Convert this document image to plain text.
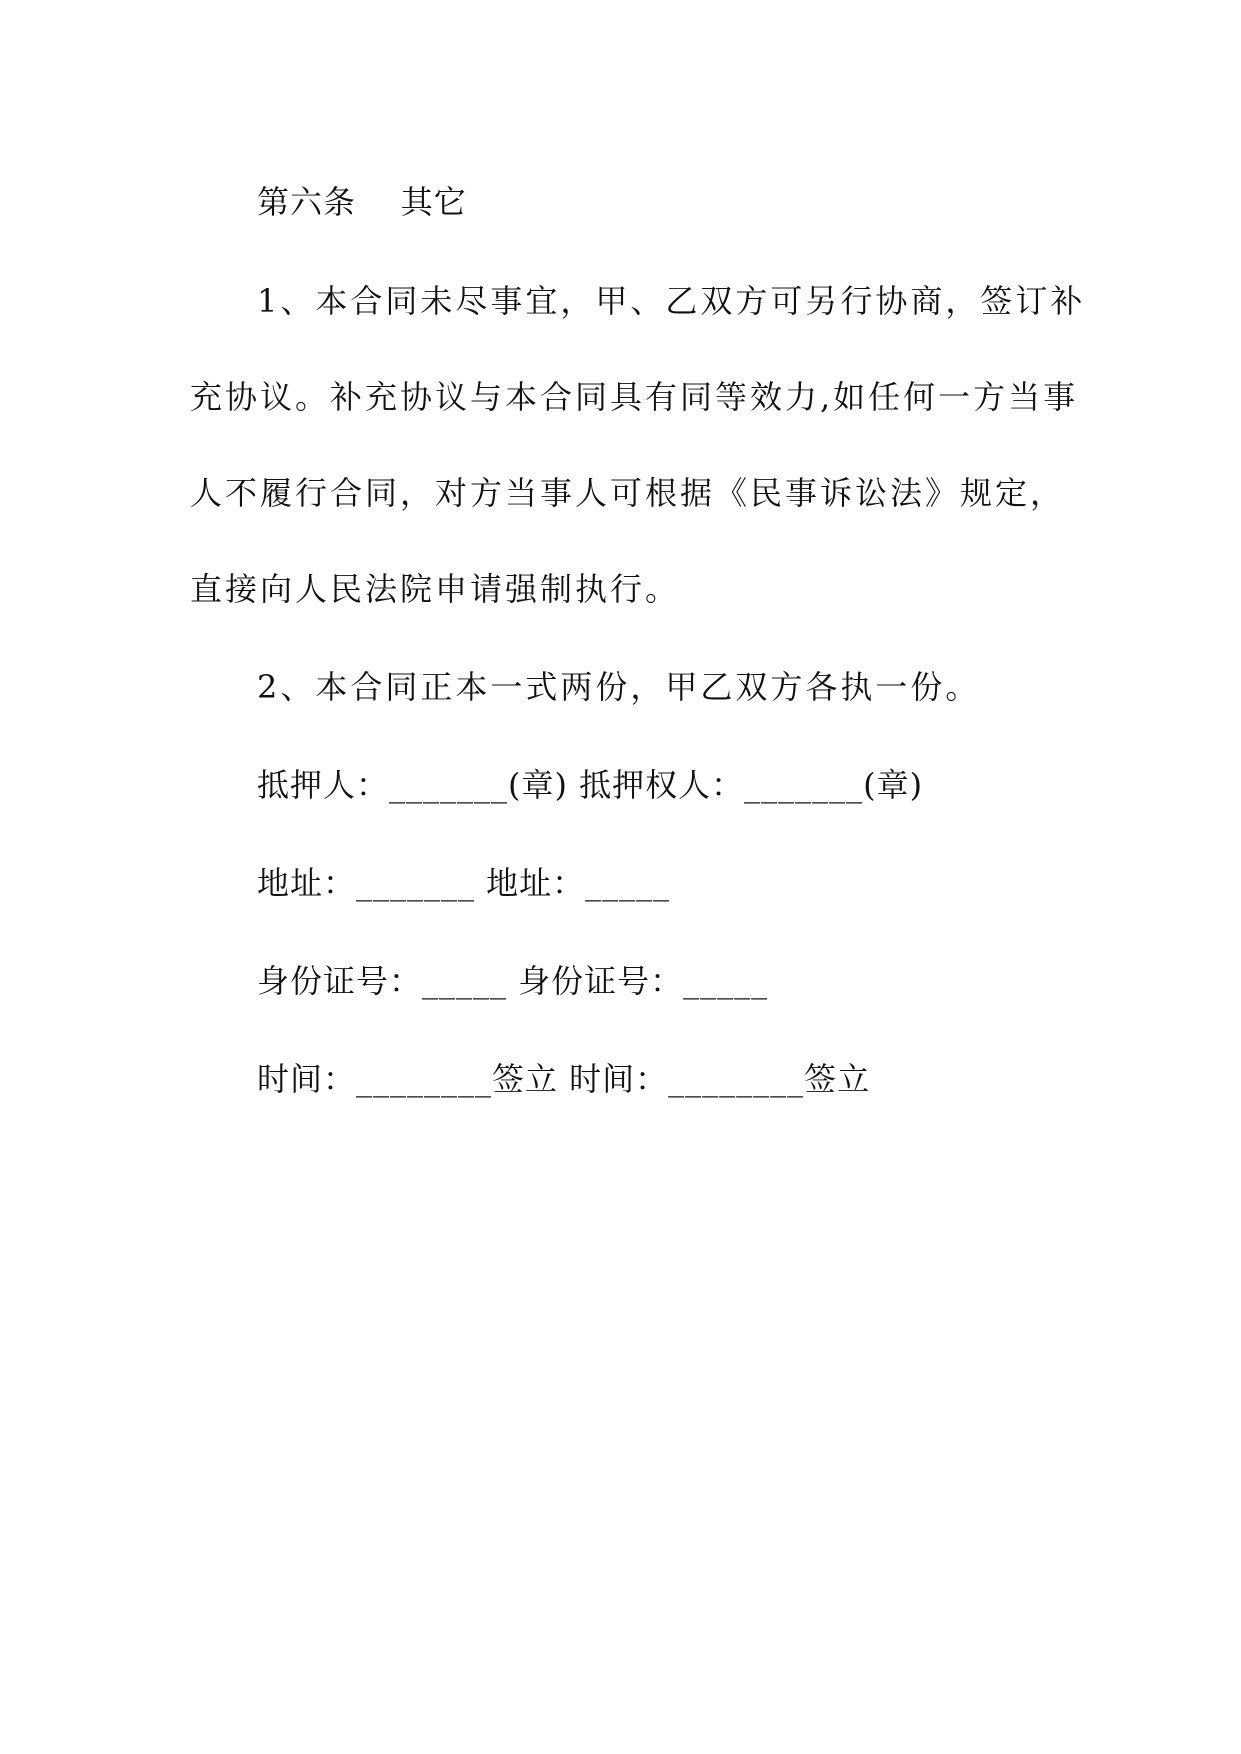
第六条    其它
1、本合同未尽事宜，甲、乙双方可另行协商，签订补
充协议。补充协议与本合同具有同等效力,如任何一方当事
人不履行合同，对方当事人可根据《民事诉讼法》规定，
直接向人民法院申请强制执行。
2、本合同正本一式两份，甲乙双方各执一份。
抵押人：_______(章) 抵押权人：_______(章)
地址：_______ 地址：_____
身份证号：_____ 身份证号：_____
时间：________签立 时间：________签立
